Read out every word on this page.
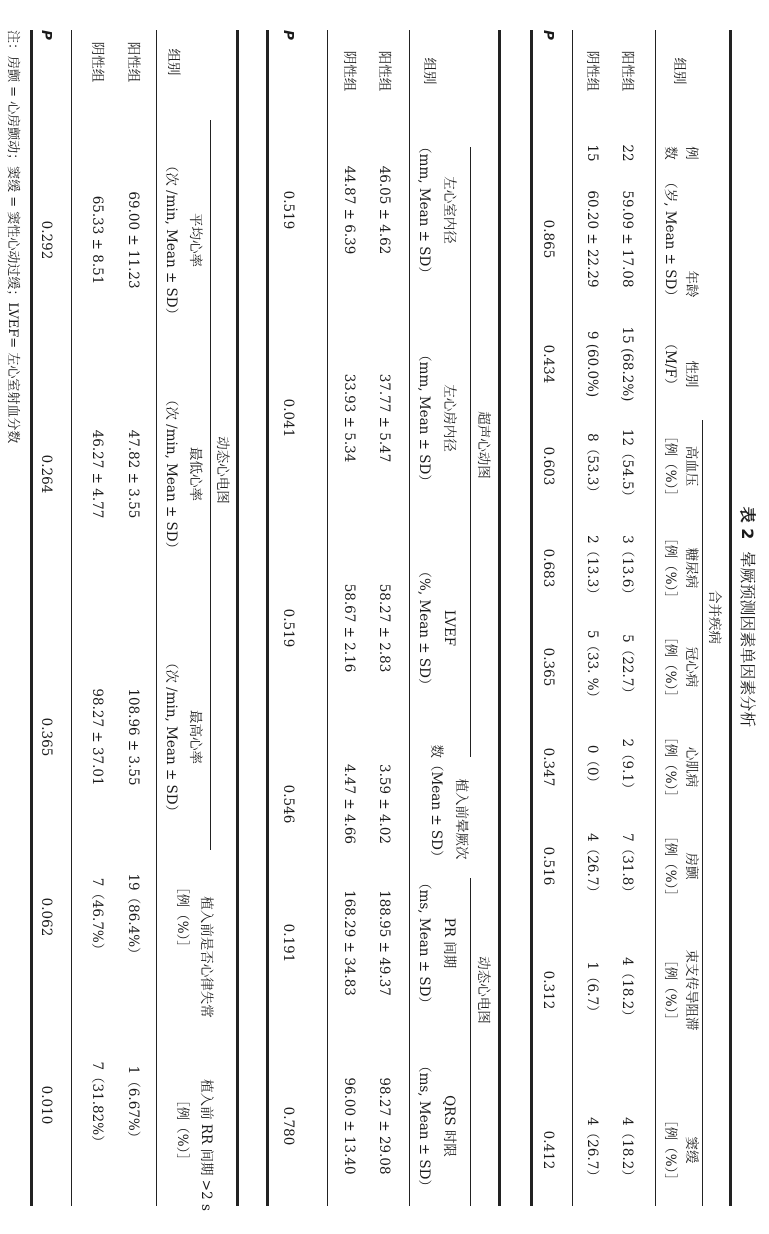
表 2晕厥预测因素单因素分析
合并疾病
组别
例
数
年龄
（岁, Mean ± SD）
性别
（M/F）
高血压
［例（%）］
糖尿病
［例（%）］
冠心病
［例（%）］
心肌病
［例（%）］
房颤
［例（%）］
束支传导阻滞
［例（%）］
窦缓
［例（%）］
阳性组
22
59.09 ± 17.08
15 (68.2%)
12（54.5）
3（13.6）
5（22.7）
2（9.1）
7（31.8）
4（18.2）
4（18.2）
阴性组
15
60.20 ± 22.29
9 (60.0%)
8（53.3）
2（13.3）
5（33. %）
0（0）
4（26.7）
1（6.7）
4（26.7）
P
0.865
0.434
0.603
0.683
0.365
0.347
0.516
0.312
0.412
超声心动图
动态心电图
组别
左心室内径
（mm, Mean ± SD）
左心房内径
（mm, Mean ± SD）
LVEF
（%, Mean ± SD）
植入前晕厥次
数（Mean ± SD）
PR 间期
（ms, Mean ± SD）
QRS 时限
（ms, Mean ± SD）
阳性组
46.05 ± 4.62
37.77 ± 5.47
58.27 ± 2.83
3.59 ± 4.02
188.95 ± 49.37
98.27 ± 29.08
阴性组
44.87 ± 6.39
33.93 ± 5.34
58.67 ± 2.16
4.47 ± 4.66
168.29 ± 34.83
96.00 ± 13.40
P
0.519
0.041
0.519
0.546
0.191
0.780
动态心电图
组别
平均心率
（次 /min, Mean ± SD）
最低心率
（次 /min, Mean ± SD）
最高心率
（次 /min, Mean ± SD）
植入前是否心律失常
［例（%）］
植入前 RR 间期 >2 s
［例（%）］
阳性组
69.00 ± 11.23
47.82 ± 3.55
108.96 ± 3.55
19（86.4%）
1（6.67%）
阴性组
65.33 ± 8.51
46.27 ± 4.77
98.27 ± 37.01
7（46.7%）
7（31.82%）
P
0.292
0.264
0.365
0.062
0.010
注：房颤 = 心房颤动；窦缓 = 窦性心动过缓；LVEF= 左心室射血分数
